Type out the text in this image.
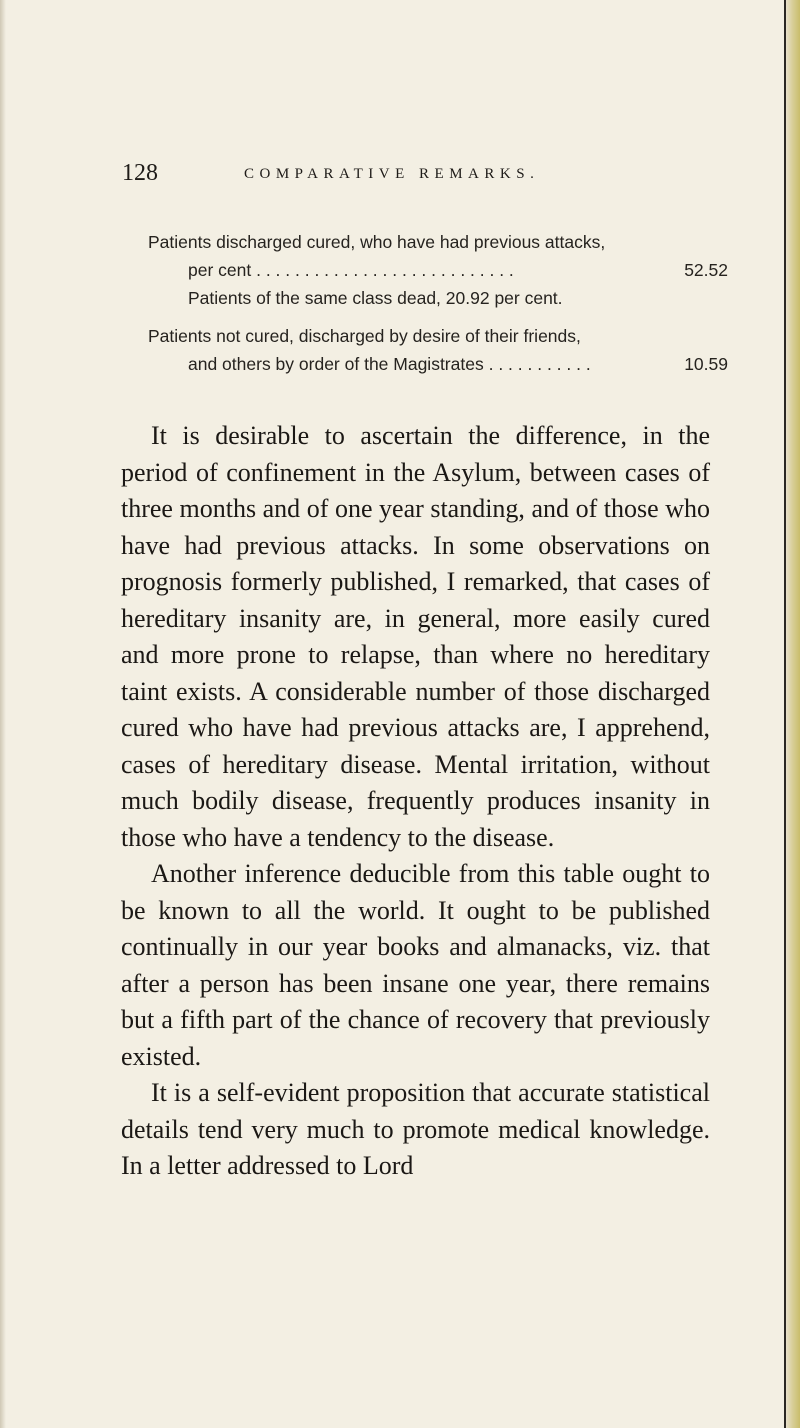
128	COMPARATIVE REMARKS.
Patients discharged cured, who have had previous attacks,
per cent . . . . . . . . . . . . . . . . . . . . . . . . . . .	52.52
Patients of the same class dead, 20.92 per cent.
Patients not cured, discharged by desire of their friends,
and others by order of the Magistrates . . . . . . . . . . .	10.59

It is desirable to ascertain the difference, in the period of confinement in the Asylum, between cases of three months and of one year standing, and of those who have had previous attacks. In some observations on prognosis formerly published, I remarked, that cases of hereditary insanity are, in general, more easily cured and more prone to relapse, than where no hereditary taint exists. A considerable number of those discharged cured who have had previous attacks are, I apprehend, cases of hereditary disease. Mental irritation, without much bodily disease, frequently produces insanity in those who have a tendency to the disease.

Another inference deducible from this table ought to be known to all the world. It ought to be published continually in our year books and almanacks, viz. that after a person has been insane one year, there remains but a fifth part of the chance of recovery that previously existed.

It is a self-evident proposition that accurate statistical details tend very much to promote medical knowledge. In a letter addressed to Lord
